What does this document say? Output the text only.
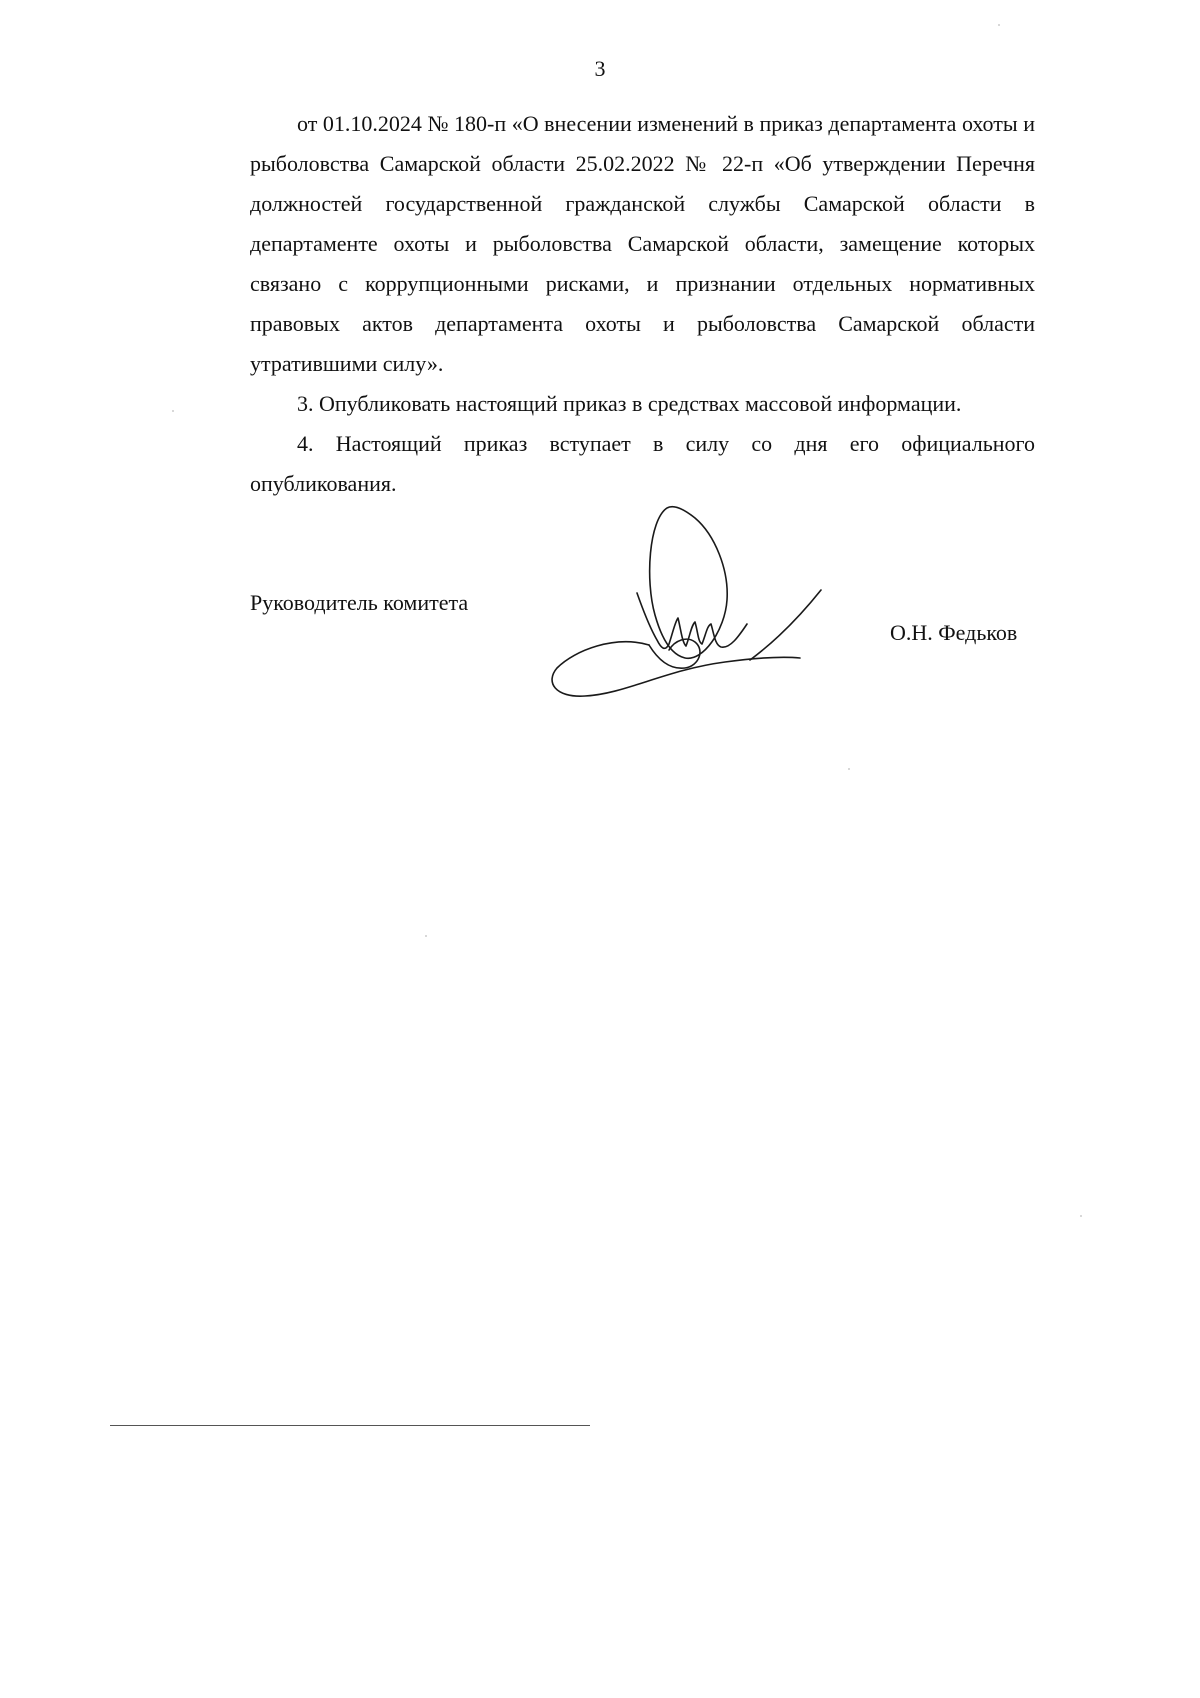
3

от 01.10.2024 № 180-п «О внесении изменений в приказ департамента охоты и рыболовства Самарской области 25.02.2022 № 22-п «Об утверждении Перечня должностей государственной гражданской службы Самарской области в департаменте охоты и рыболовства Самарской области, замещение которых связано с коррупционными рисками, и признании отдельных нормативных правовых актов департамента охоты и рыболовства Самарской области утратившими силу».

3. Опубликовать настоящий приказ в средствах массовой информации.

4. Настоящий приказ вступает в силу со дня его официального опубликования.

Руководитель комитета
О.Н. Федьков
